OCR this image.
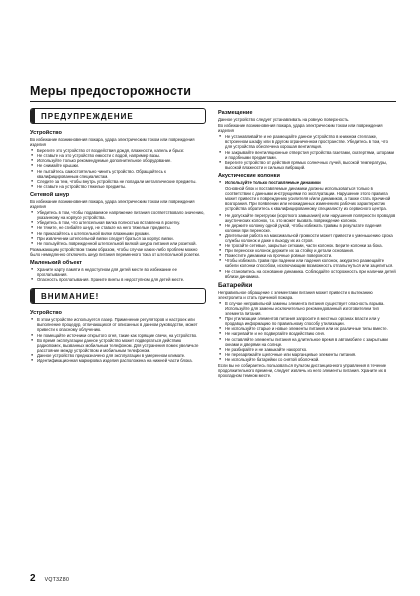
Меры предосторожности
ПРЕДУПРЕЖДЕНИЕ
Устройство
Во избежание возникновения пожара, удара электрическим током или повреждения изделия
● Берегите это устройство от воздействия дождя, влажности, капель и брызг.
● Не ставьте на это устройство емкости с водой, например вазы.
● Используйте только рекомендуемые дополнительное оборудование.
● Не снимайте крышки.
● Не пытайтесь самостоятельно чинить устройство. Обращайтесь к квалифицированным специалистам.
● Следите за тем, чтобы внутрь устройства не попадали металлические предметы.
● Не ставьте на устройство тяжелые предметы.
Сетевой шнур
Во избежание возникновения пожара, удара электрическим током или повреждения изделия
● Убедитесь в том, чтобы подаваемое напряжение питания соответствовало значению, указанному на корпусе устройства.
● Убедитесь в том, что штепсельная вилка полностью вставлена в розетку.
● Не тяните, не сгибайте шнур, не ставьте на него тяжелые предметы.
● Не прикасайтесь к штепсельной вилке влажными руками.
● При извлечении штепсельной вилки следует браться за корпус вилки.
● Не пользуйтесь поврежденной штепсельной вилкой шнура питания или розеткой.
Размыкающим устройством таким образом, чтобы случае каких-либо проблем можно было немедленно отключить шнур питания переменного тока от штепсельной розетки.
Маленький объект
● Храните карту памяти в недоступном для детей месте во избежание ее проглатывания.
● Опасность проглатывания. Храните винты в недоступном для детей месте.
ВНИМАНИЕ!
Устройство
● В этом устройстве используется лазер. Применение регуляторов и настроек или выполнение процедур, отличающихся от описанных в данном руководстве, может привести к опасному облучению.
● Не помещайте источники открытого огня, такие как горящие свечи, на устройство.
● Во время эксплуатации данное устройство может подвергаться действию радиопомех, вызванных мобильным телефоном. Для устранения помех увеличьте расстояние между устройством и мобильным телефоном.
● Данное устройство предназначено для эксплуатации в умеренном климате.
● Идентификационная маркировка изделия расположена на нижней части блока.
Размещение
Данное устройство следует устанавливать на ровную поверхность.
Во избежание возникновения пожара, удара электрическим током или повреждения изделия
● Не устанавливайте и не размещайте данное устройство в книжном стеллаже, встроенном шкафу или в другом ограниченном пространстве. Убедитесь в том, что для устройства обеспечена хорошая вентиляция.
● Не закрывайте вентиляционные отверстия устройства газетами, скатертями, шторами и подобными предметами.
● Берегите устройство от действия прямых солнечных лучей, высокой температуры, высокой влажности и сильных вибраций.
Акустические колонки
● Используйте только поставляемые динамики
Основной блок и поставляемые динамики должны использоваться только в соответствии с данными инструкциями по эксплуатации. Нарушение этого правила может привести к повреждению усилителя и/или динамиков, а также стать причиной возгорания. При появлении или неожиданных изменениях рабочих характеристик устройства обратитесь к квалифицированному специалисту из сервисного центра.
● Не допускайте перегрузки (короткого замыкания) или нарушения полярности проводов акустических колонок, т.к. это может вызвать повреждение колонок.
● Не держите колонку одной рукой, чтобы избежать травмы в результате падения колонки при переноске.
● Длительная работа на максимальной громкости может привести к уменьшению срока службы колонок и даже к выходу их из строя.
● Не трогайте сетевые, закрытые сетками, части колонок. Берите колонки за бока.
● При переноске колонок держите их за стойку и детали основания.
● Поместите динамики на прочные ровные поверхности.
● Чтобы избежать травм при падении или падения колонок, аккуратно размещайте кабели колонки способом, исключающим возможность отпальгнуться или зацепиться.
● Не становитесь на основание динамика. Соблюдайте осторожность при наличии детей вблизи динамика.
Батарейки
Неправильное обращение с элементами питания может привести к вытеканию электролита и стать причиной пожара.
● В случае неправильной замены элемента питания существует опасность взрыва. Используйте для замены исключительно рекомендованный изготовителем тип элемента питания.
● При утилизации элементов питания запросите в местных органах власти или у продавца информацию по правильному способу утилизации.
● Не используйте старые и новые элементы питания или их различные типы вместе.
● Не нагревайте и не подвергайте воздействию огня.
● Не оставляйте элементы питания на длительное время в автомобиле с закрытыми окнами и дверями на солнце.
● Не разбирайте и не замыкайте накоротко.
● Не перезаряжайте щелочные или марганцевые элементы питания.
● Не используйте батарейки со снятой оболочкой.
Если вы не собираетесь пользоваться пультом дистанционного управления в течение продолжительного времени, следует извлечь из него элементы питания. Храните их в прохладном темном месте.
2 VQT3Z80
